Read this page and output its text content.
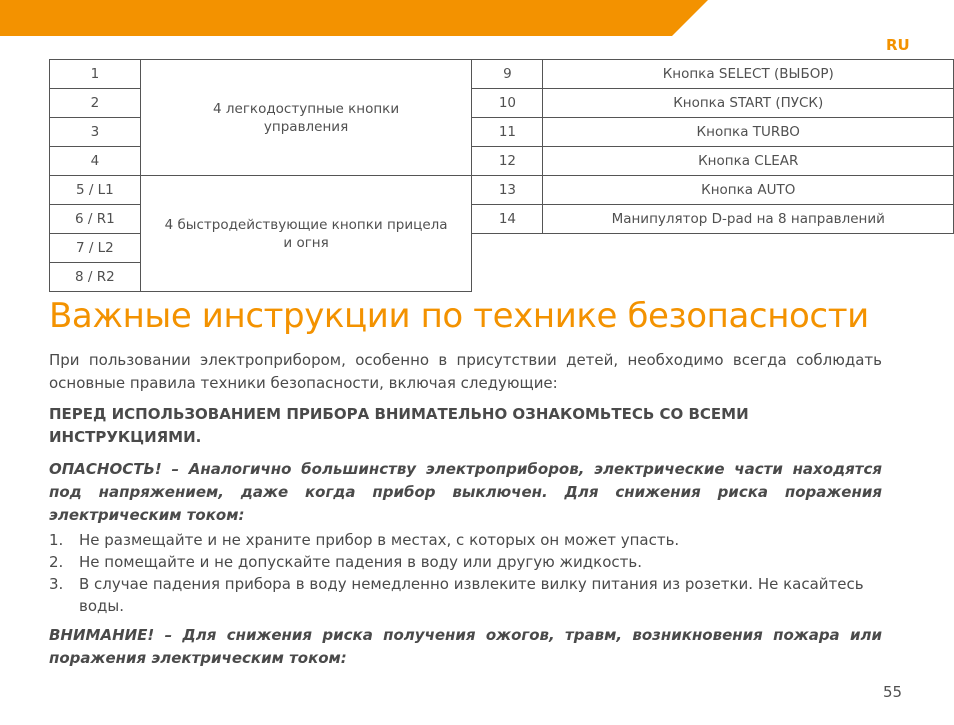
RU
1	4 легкодоступные кнопки управления	9	Кнопка SELECT (ВЫБОР)
2		10	Кнопка START (ПУСК)
3		11	Кнопка TURBO
4		12	Кнопка CLEAR
5 / L1	4 быстродействующие кнопки прицела и огня	13	Кнопка AUTO
6 / R1		14	Манипулятор D-pad на 8 направлений
7 / L2			
8 / R2			
Важные инструкции по технике безопасности

При пользовании электроприбором, особенно в присутствии детей, необходимо всегда соблюдать основные правила техники безопасности, включая следующие:

ПЕРЕД ИСПОЛЬЗОВАНИЕМ ПРИБОРА ВНИМАТЕЛЬНО ОЗНАКОМЬТЕСЬ СО ВСЕМИ ИНСТРУКЦИЯМИ.

ОПАСНОСТЬ! – Аналогично большинству электроприборов, электрические части находятся под напряжением, даже когда прибор выключен. Для снижения риска поражения электрическим током:

1. Не размещайте и не храните прибор в местах, с которых он может упасть.
2. Не помещайте и не допускайте падения в воду или другую жидкость.
3. В случае падения прибора в воду немедленно извлеките вилку питания из розетки. Не касайтесь воды.

ВНИМАНИЕ! – Для снижения риска получения ожогов, травм, возникновения пожара или поражения электрическим током:

55
